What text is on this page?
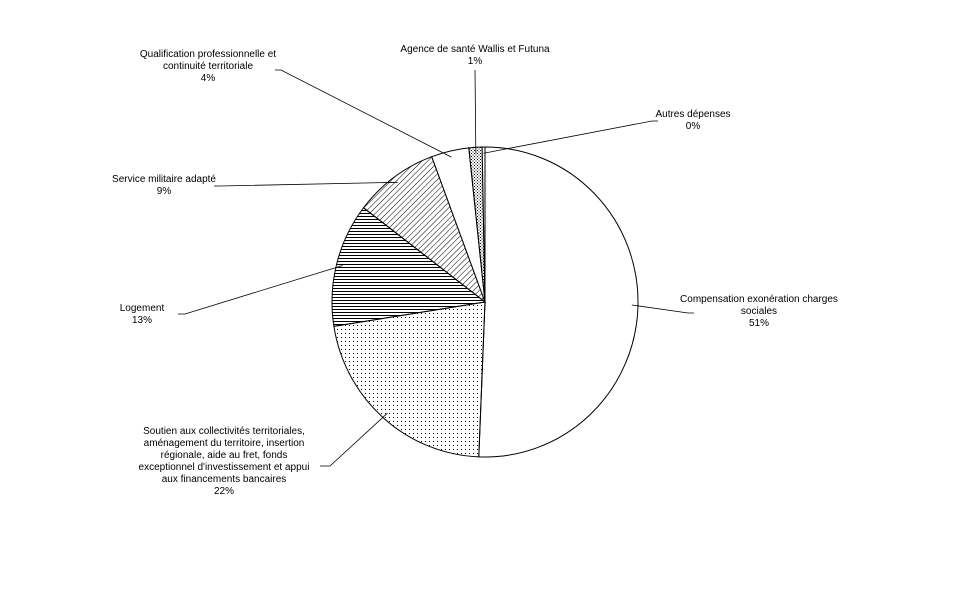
Compensation exonération charges sociales 51%
Soutien aux collectivités territoriales, aménagement du territoire, insertion régionale, aide au fret, fonds exceptionnel d'investissement et appui aux financements bancaires 22%
Logement 13%
Service militaire adapté 9%
Qualification professionnelle et continuité territoriale 4%
Agence de santé Wallis et Futuna 1%
Autres dépenses 0%
